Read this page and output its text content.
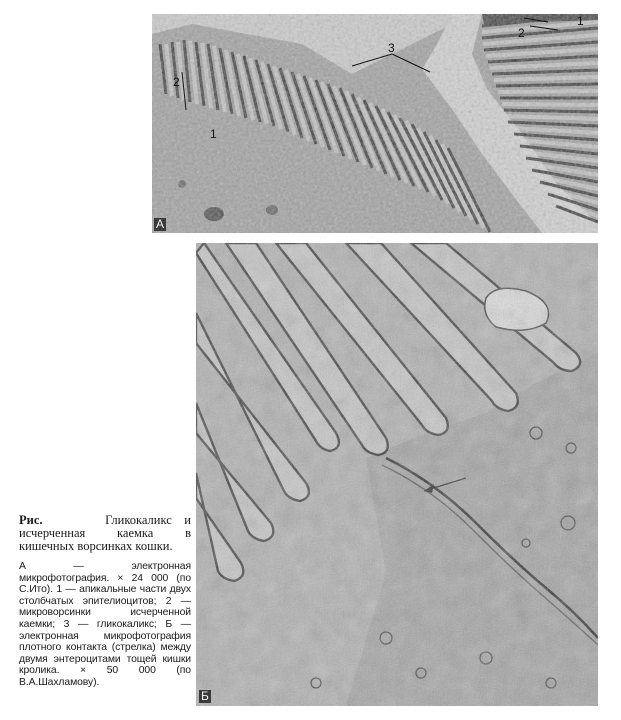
1
2
3
2
1
А
Б

Рис.	Гликокаликс и исчерченная каемка в кишечных ворсинках кошки.

А — электронная микрофотография. × 24 000 (по С.Ито). 1 — апикальные части двух столбчатых эпителиоцитов; 2 — микроворсинки исчерченной каемки; 3 — гликокаликс; Б — электронная микрофотография плотного контакта (стрелка) между двумя энтероцитами тощей кишки кролика. × 50 000 (по В.А.Шахламову).
